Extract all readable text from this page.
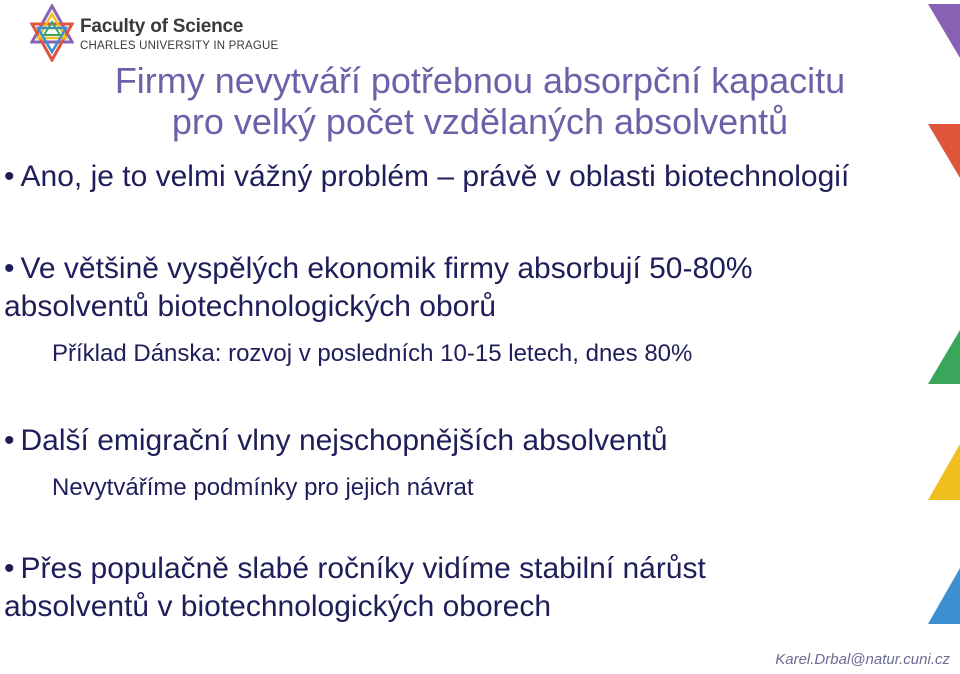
Faculty of Science
CHARLES UNIVERSITY IN PRAGUE
Firmy nevytváří potřebnou absorpční kapacitu
pro velký počet vzdělaných absolventů
• Ano, je to velmi vážný problém – právě v oblasti biotechnologií
• Ve většině vyspělých ekonomik firmy absorbují 50-80%
absolventů biotechnologických oborů
Příklad Dánska: rozvoj v posledních 10-15 letech, dnes 80%
• Další emigrační vlny nejschopnějších absolventů
Nevytváříme podmínky pro jejich návrat
• Přes populačně slabé ročníky vidíme stabilní nárůst
absolventů v biotechnologických oborech
Karel.Drbal@natur.cuni.cz
